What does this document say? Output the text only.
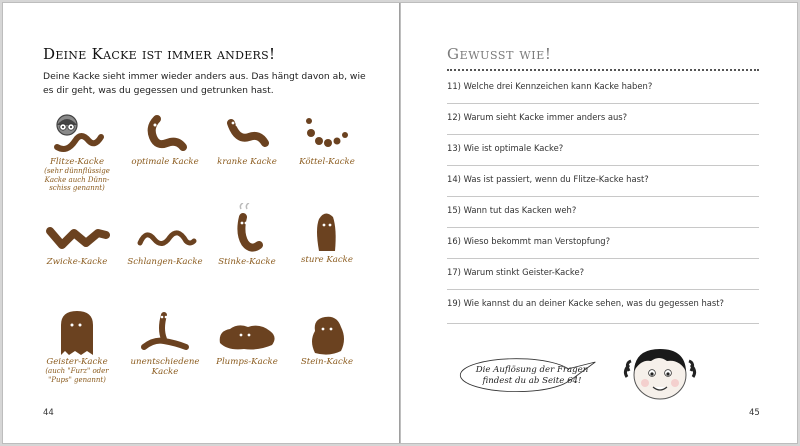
Deine Kacke ist immer anders!
Deine Kacke sieht immer wieder anders aus. Das hängt davon ab, wie es dir geht, was du gegessen und getrunken hast.
Flitze-Kacke
(sehr dünnflüssige
Kacke auch Dünn-
schiss genannt)
optimale Kacke	kranke Kacke	Köttel-Kacke
Zwicke-Kacke	Schlangen-Kacke	Stinke-Kacke	sture Kacke
Geister-Kacke
(auch "Furz" oder
"Pups" genannt)
unentschiedene Kacke
Plumps-Kacke	Stein-Kacke
44
Gewusst wie!
11) Welche drei Kennzeichen kann Kacke haben?
12) Warum sieht Kacke immer anders aus?
13) Wie ist optimale Kacke?
14) Was ist passiert, wenn du Flitze-Kacke hast?
15) Wann tut das Kacken weh?
16) Wieso bekommt man Verstopfung?
17) Warum stinkt Geister-Kacke?
19) Wie kannst du an deiner Kacke sehen, was du gegessen hast?
Die Auflösung der Fragen findest du ab Seite 64!
45
